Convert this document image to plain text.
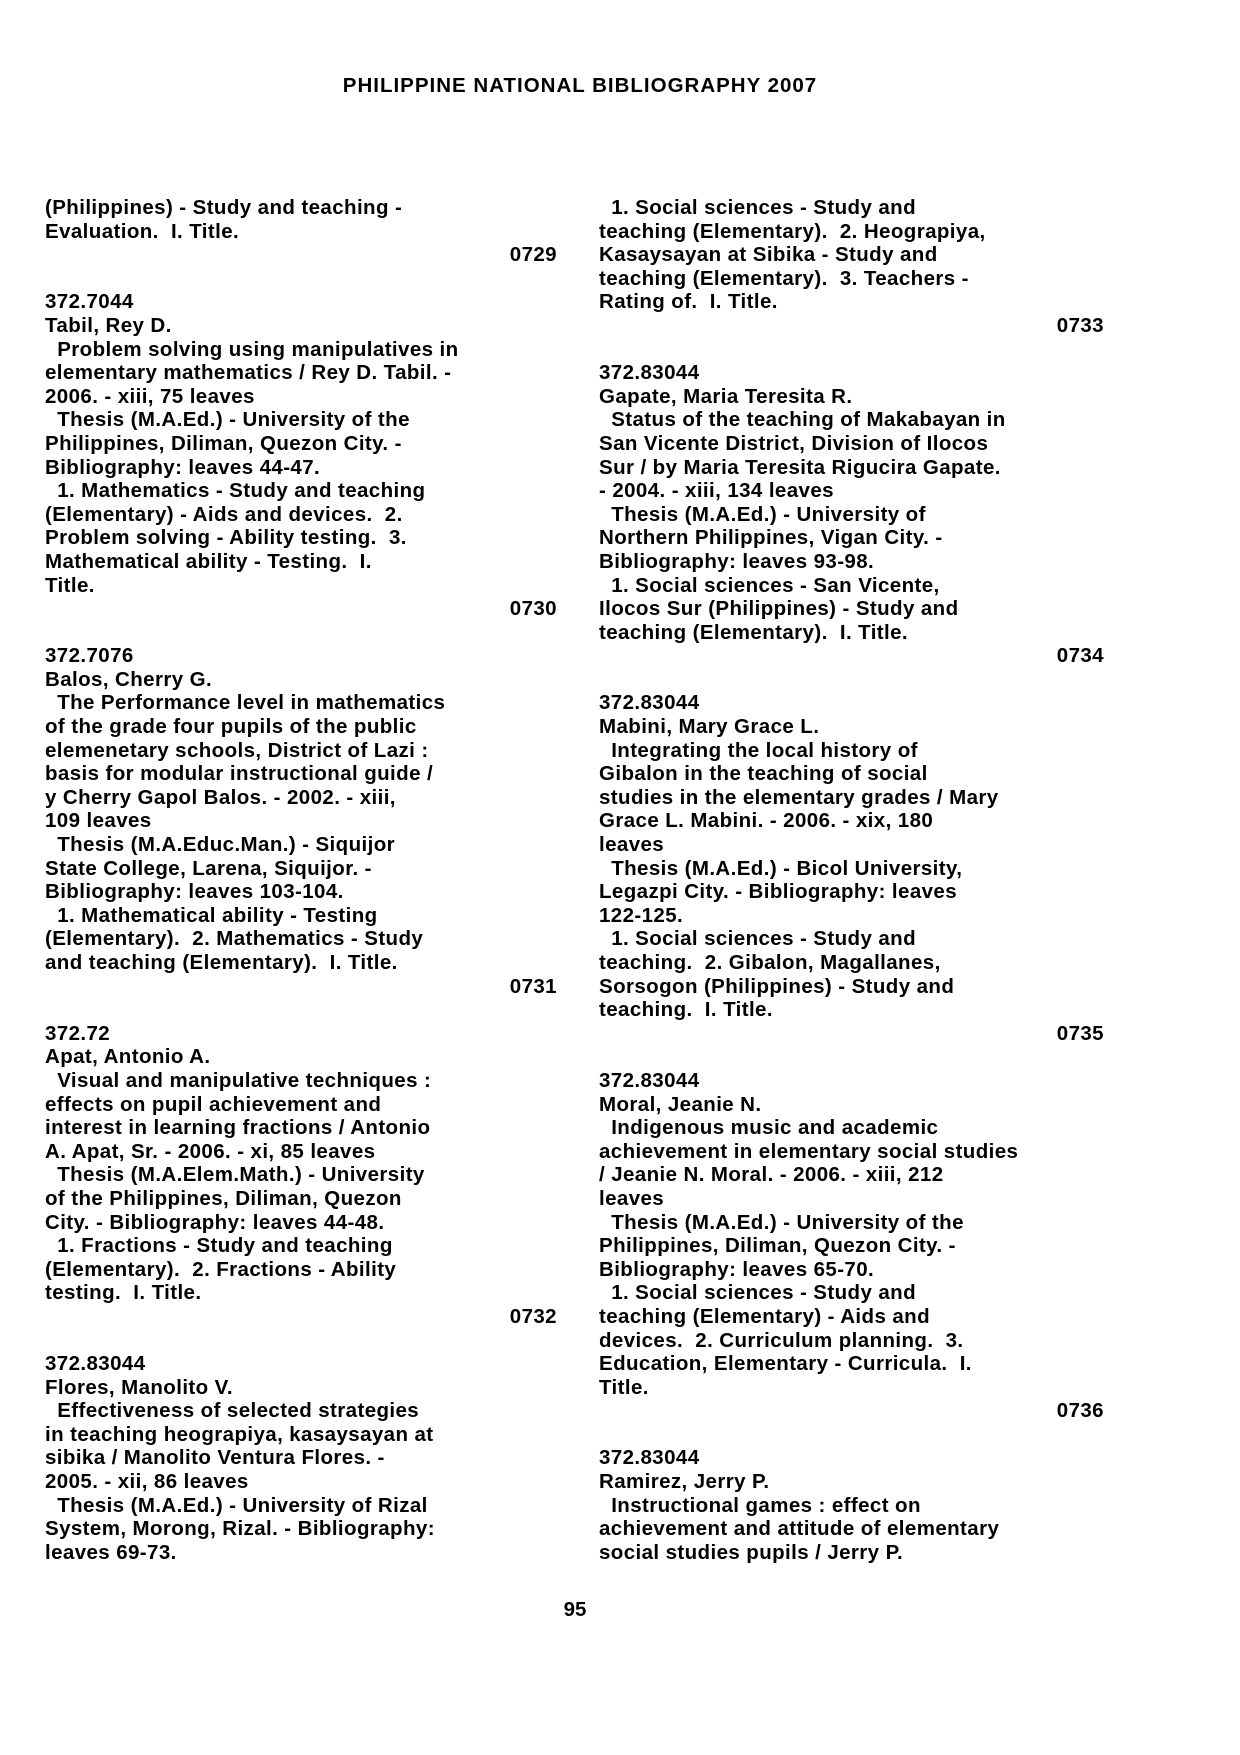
PHILIPPINE NATIONAL BIBLIOGRAPHY 2007

(Philippines) - Study and teaching -

Evaluation.  I. Title.

0729

372.7044

Tabil, Rey D.

Problem solving using manipulatives in

elementary mathematics / Rey D. Tabil. -

2006. - xiii, 75 leaves

Thesis (M.A.Ed.) - University of the

Philippines, Diliman, Quezon City. -

Bibliography: leaves 44-47.

1. Mathematics - Study and teaching

(Elementary) - Aids and devices.  2.

Problem solving - Ability testing.  3.

Mathematical ability - Testing.  I.

Title.

0730

372.7076

Balos, Cherry G.

The Performance level in mathematics

of the grade four pupils of the public

elemenetary schools, District of Lazi :

basis for modular instructional guide /

y Cherry Gapol Balos. - 2002. - xiii,

109 leaves

Thesis (M.A.Educ.Man.) - Siquijor

State College, Larena, Siquijor. -

Bibliography: leaves 103-104.

1. Mathematical ability - Testing

(Elementary).  2. Mathematics - Study

and teaching (Elementary).  I. Title.

0731

372.72

Apat, Antonio A.

Visual and manipulative techniques :

effects on pupil achievement and

interest in learning fractions / Antonio

A. Apat, Sr. - 2006. - xi, 85 leaves

Thesis (M.A.Elem.Math.) - University

of the Philippines, Diliman, Quezon

City. - Bibliography: leaves 44-48.

1. Fractions - Study and teaching

(Elementary).  2. Fractions - Ability

testing.  I. Title.

0732

372.83044

Flores, Manolito V.

Effectiveness of selected strategies

in teaching heograpiya, kasaysayan at

sibika / Manolito Ventura Flores. -

2005. - xii, 86 leaves

Thesis (M.A.Ed.) - University of Rizal

System, Morong, Rizal. - Bibliography:

leaves 69-73.

1. Social sciences - Study and

teaching (Elementary).  2. Heograpiya,

Kasaysayan at Sibika - Study and

teaching (Elementary).  3. Teachers -

Rating of.  I. Title.

0733

372.83044

Gapate, Maria Teresita R.

Status of the teaching of Makabayan in

San Vicente District, Division of Ilocos

Sur / by Maria Teresita Rigucira Gapate.

- 2004. - xiii, 134 leaves

Thesis (M.A.Ed.) - University of

Northern Philippines, Vigan City. -

Bibliography: leaves 93-98.

1. Social sciences - San Vicente,

Ilocos Sur (Philippines) - Study and

teaching (Elementary).  I. Title.

0734

372.83044

Mabini, Mary Grace L.

Integrating the local history of

Gibalon in the teaching of social

studies in the elementary grades / Mary

Grace L. Mabini. - 2006. - xix, 180

leaves

Thesis (M.A.Ed.) - Bicol University,

Legazpi City. - Bibliography: leaves

122-125.

1. Social sciences - Study and

teaching.  2. Gibalon, Magallanes,

Sorsogon (Philippines) - Study and

teaching.  I. Title.

0735

372.83044

Moral, Jeanie N.

Indigenous music and academic

achievement in elementary social studies

/ Jeanie N. Moral. - 2006. - xiii, 212

leaves

Thesis (M.A.Ed.) - University of the

Philippines, Diliman, Quezon City. -

Bibliography: leaves 65-70.

1. Social sciences - Study and

teaching (Elementary) - Aids and

devices.  2. Curriculum planning.  3.

Education, Elementary - Curricula.  I.

Title.

0736

372.83044

Ramirez, Jerry P.

Instructional games : effect on

achievement and attitude of elementary

social studies pupils / Jerry P.

95
